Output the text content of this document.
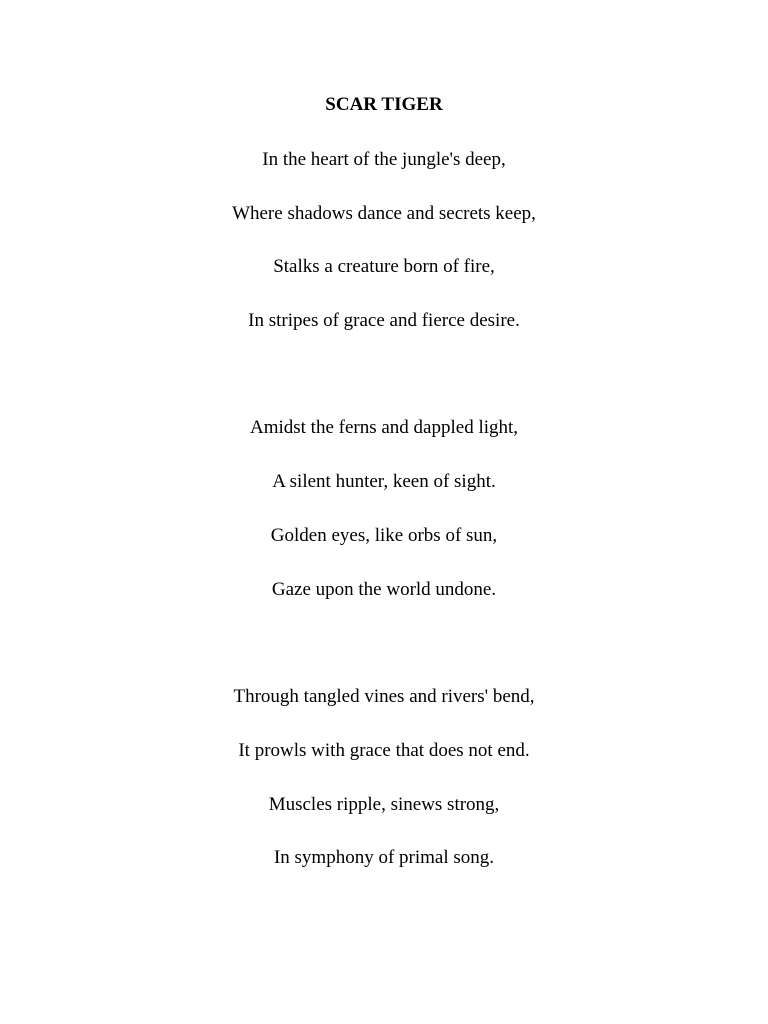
SCAR TIGER

In the heart of the jungle's deep,

Where shadows dance and secrets keep,

Stalks a creature born of fire,

In stripes of grace and fierce desire.

Amidst the ferns and dappled light,

A silent hunter, keen of sight.

Golden eyes, like orbs of sun,

Gaze upon the world undone.

Through tangled vines and rivers' bend,

It prowls with grace that does not end.

Muscles ripple, sinews strong,

In symphony of primal song.
